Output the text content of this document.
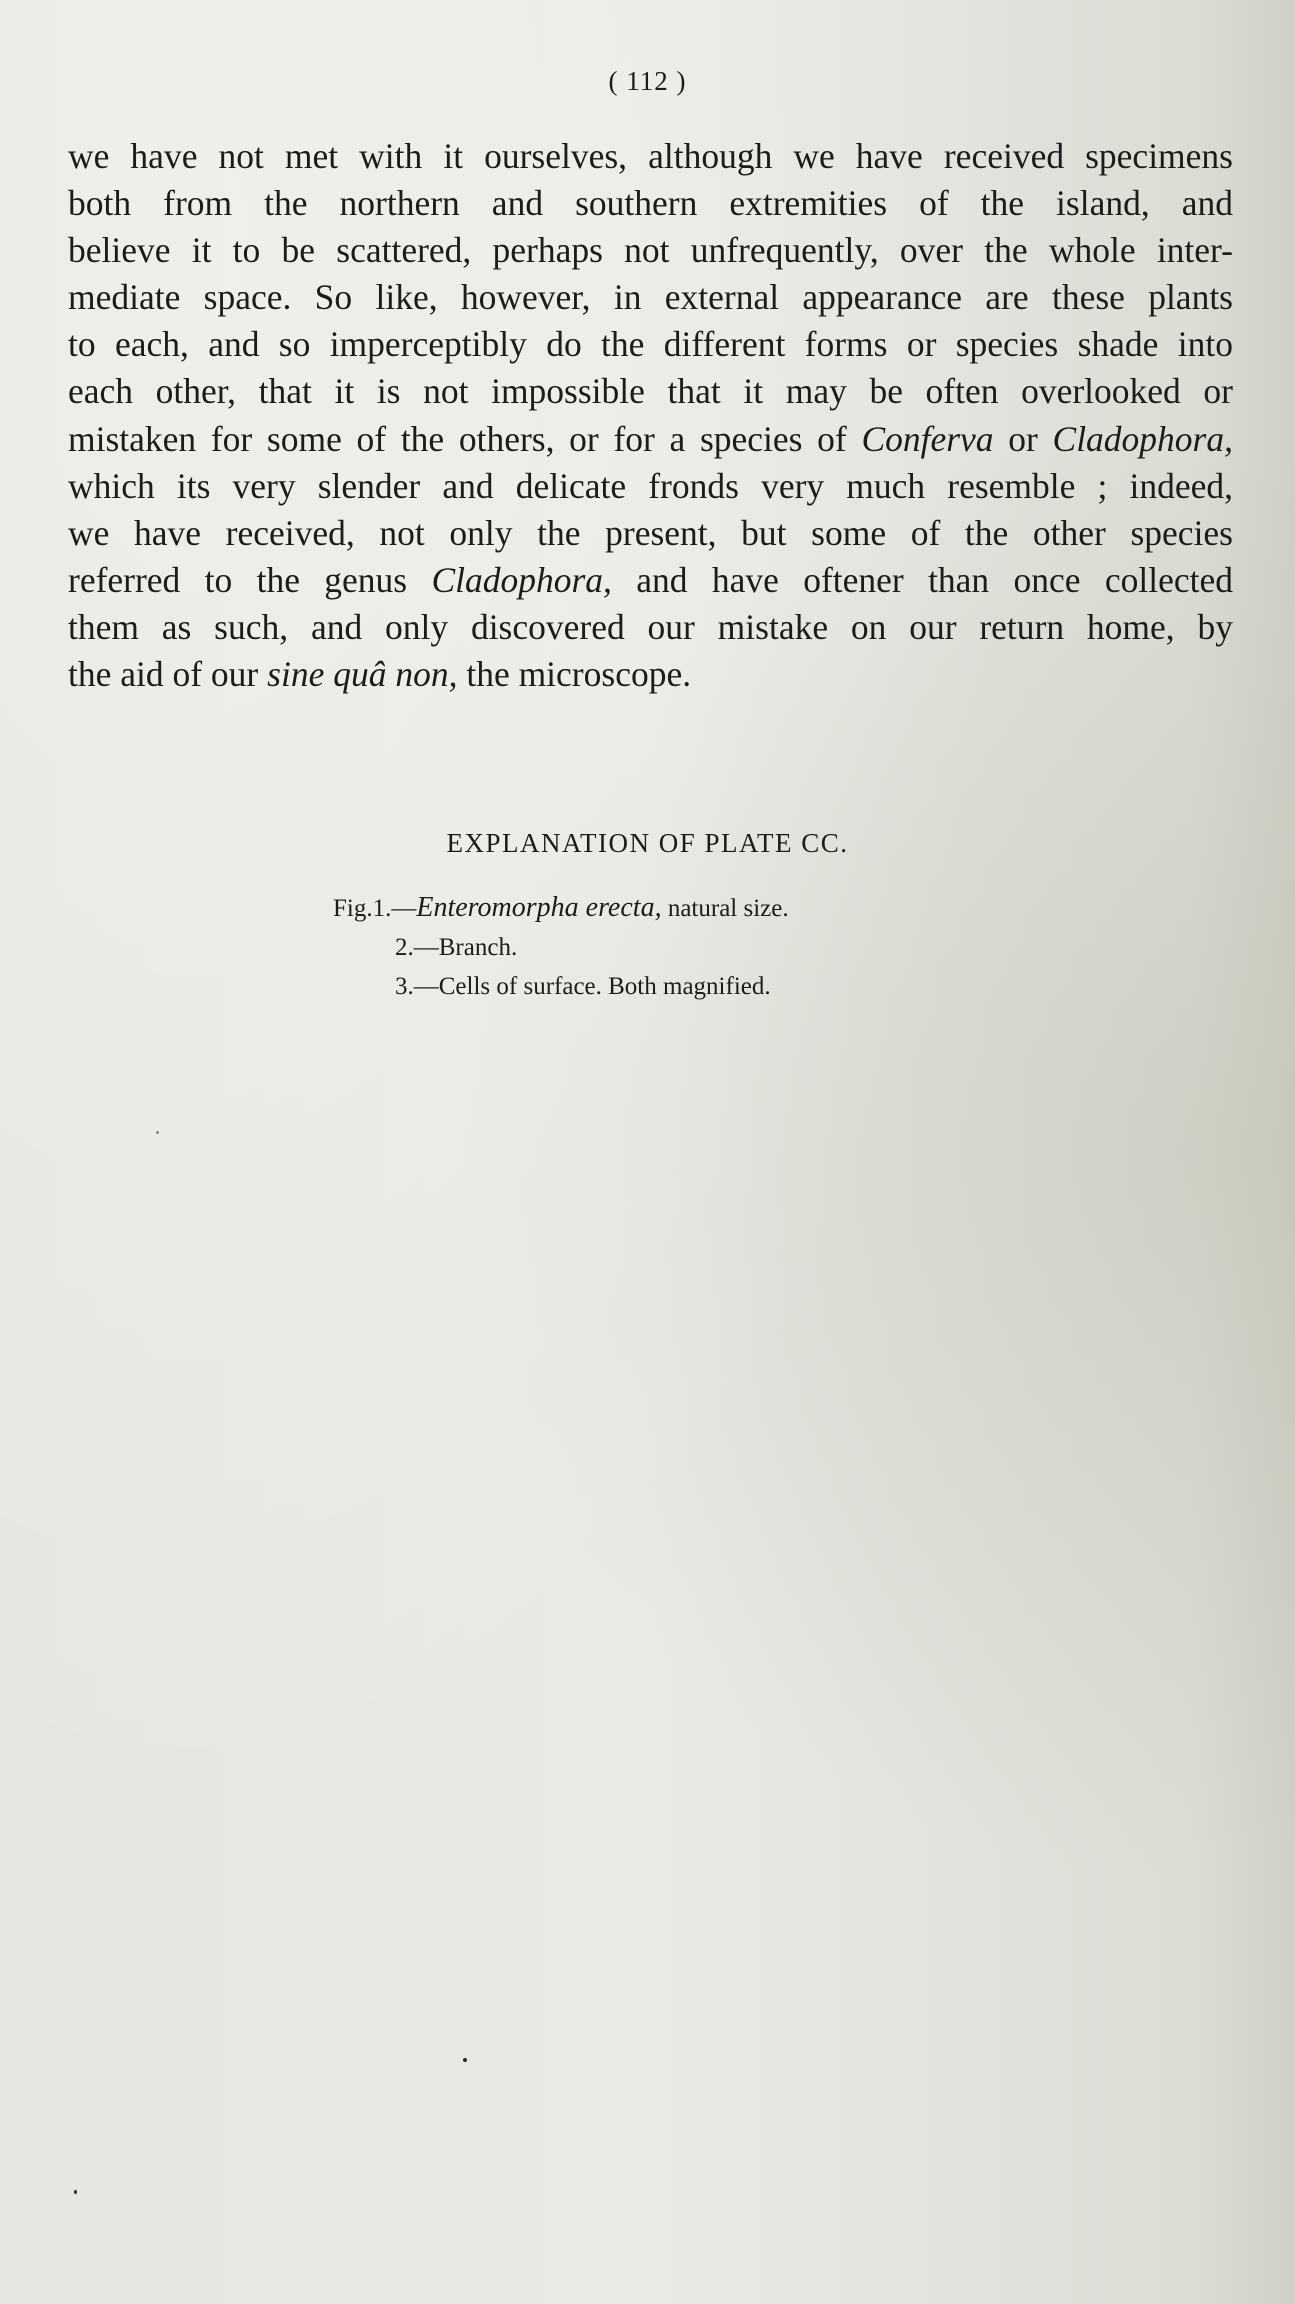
( 112 )
we have not met with it ourselves, although we have received specimens
both from the northern and southern extremities of the island, and
believe it to be scattered, perhaps not unfrequently, over the whole inter-
mediate space. So like, however, in external appearance are these plants
to each, and so imperceptibly do the different forms or species shade into
each other, that it is not impossible that it may be often overlooked or
mistaken for some of the others, or for a species of Conferva or Cladophora,
which its very slender and delicate fronds very much resemble ; indeed,
we have received, not only the present, but some of the other species
referred to the genus Cladophora, and have oftener than once collected
them as such, and only discovered our mistake on our return home, by
the aid of our sine quâ non, the microscope.
EXPLANATION OF PLATE CC.
Fig.1.—Enteromorpha erecta, natural size.
2.—Branch.
3.—Cells of surface. Both magnified.
